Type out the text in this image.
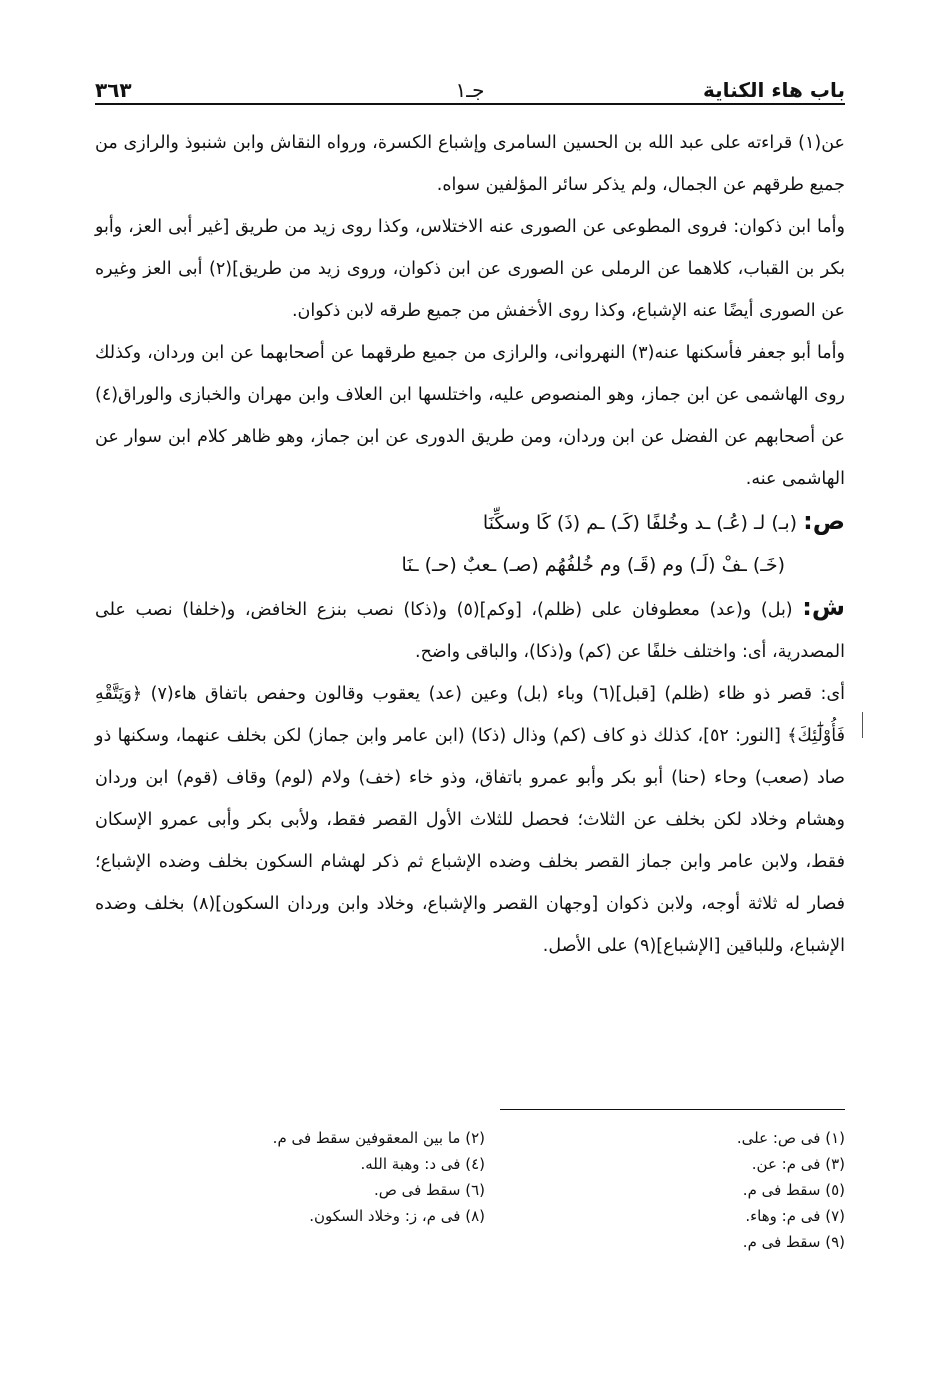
باب هاء الكناية
جـ١
٣٦٣

عن(١) قراءته على عبد الله بن الحسين السامرى وإشباع الكسرة، ورواه النقاش وابن شنبوذ والرازى من جميع طرقهم عن الجمال، ولم يذكر سائر المؤلفين سواه.

وأما ابن ذكوان: فروى المطوعى عن الصورى عنه الاختلاس، وكذا روى زيد من طريق [غير أبى العز، وأبو بكر بن القباب، كلاهما عن الرملى عن الصورى عن ابن ذكوان، وروى زيد من طريق](٢) أبى العز وغيره عن الصورى أيضًا عنه الإشباع، وكذا روى الأخفش من جميع طرقه لابن ذكوان.

وأما أبو جعفر فأسكنها عنه(٣) النهروانى، والرازى من جميع طرقهما عن أصحابهما عن ابن وردان، وكذلك روى الهاشمى عن ابن جماز، وهو المنصوص عليه، واختلسها ابن العلاف وابن مهران والخبازى والوراق(٤) عن أصحابهم عن الفضل عن ابن وردان، ومن طريق الدورى عن ابن جماز، وهو ظاهر كلام ابن سوار عن الهاشمى عنه.

ص: (بـ) لـ (عُـ) ـد وخُلفًا (كَـ) ـم (ذَ) كَا وسكِّنَا

(خَـ) ـفْ (لَـ) وم (قَـ) وم خُلفُهُم (صـ) ـعبٌ (حـ) ـنَا

ش: (بل) و(عد) معطوفان على (ظلم)، [وكم](٥) و(ذكا) نصب بنزع الخافض، و(خلفا) نصب على المصدرية، أى: واختلف خلفًا عن (كم) و(ذكا)، والباقى واضح.

أى: قصر ذو ظاء (ظلم) [قبل](٦) وباء (بل) وعين (عد) يعقوب وقالون وحفص باتفاق هاء(٧) ﴿وَيَتَّقْهِ فَأُوْلَٰٓئِكَ﴾ [النور: ٥٢]، كذلك ذو كاف (كم) وذال (ذكا) (ابن عامر وابن جماز) لكن بخلف عنهما، وسكنها ذو صاد (صعب) وحاء (حنا) أبو بكر وأبو عمرو باتفاق، وذو خاء (خف) ولام (لوم) وقاف (قوم) ابن وردان وهشام وخلاد لكن بخلف عن الثلاث؛ فحصل للثلاث الأول القصر فقط، ولأبى بكر وأبى عمرو الإسكان فقط، ولابن عامر وابن جماز القصر بخلف وضده الإشباع ثم ذكر لهشام السكون بخلف وضده الإشباع؛ فصار له ثلاثة أوجه، ولابن ذكوان [وجهان القصر والإشباع، وخلاد وابن وردان السكون](٨) بخلف وضده الإشباع، وللباقين [الإشباع](٩) على الأصل.

(١) فى ص: على.
(٣) فى م: عن.
(٥) سقط فى م.
(٧) فى م: وهاء.
(٩) سقط فى م.
(٢) ما بين المعقوفين سقط فى م.
(٤) فى د: وهبة الله.
(٦) سقط فى ص.
(٨) فى م، ز: وخلاد السكون.
